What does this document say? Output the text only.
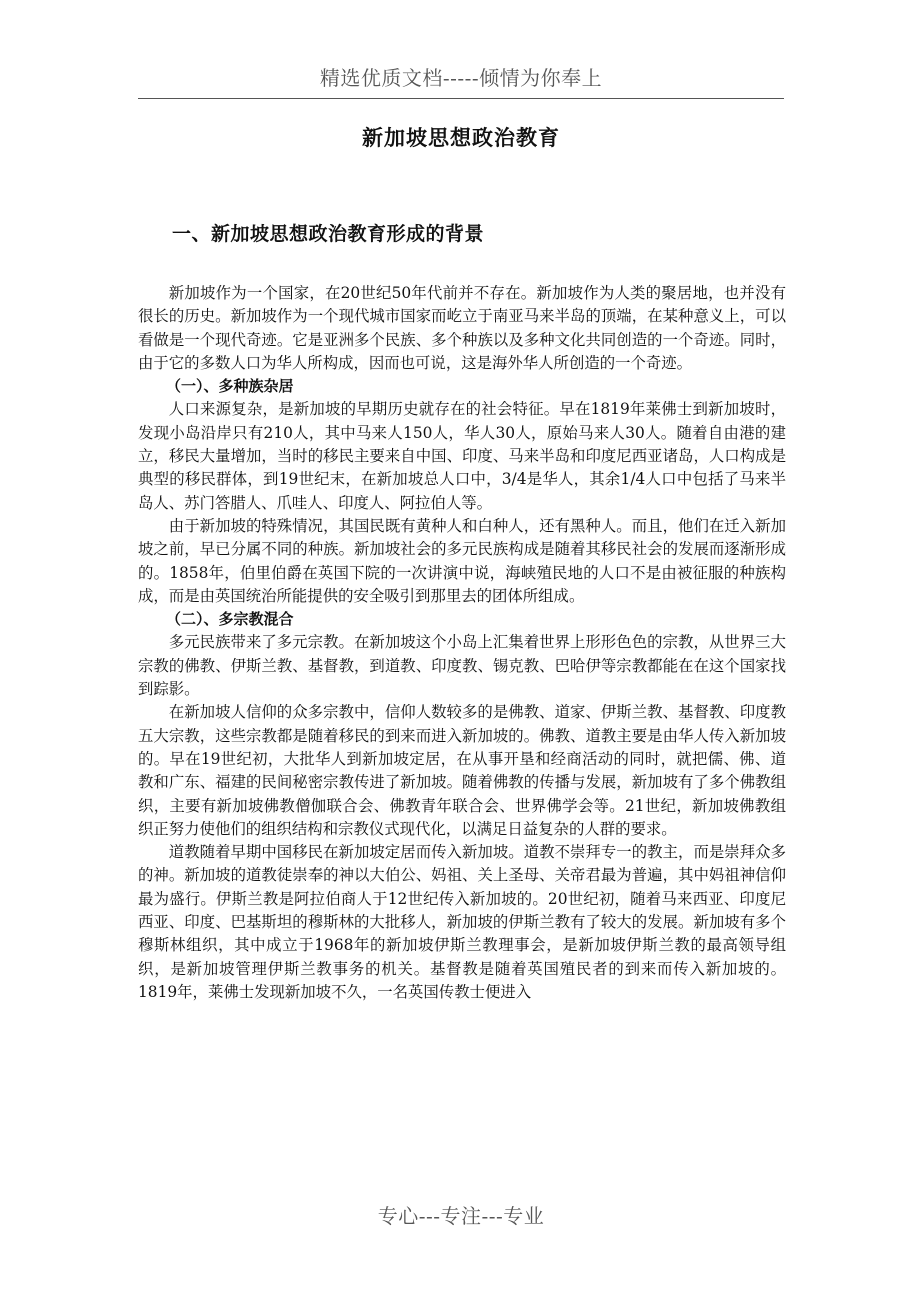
精选优质文档-----倾情为你奉上
新加坡思想政治教育
一、新加坡思想政治教育形成的背景

新加坡作为一个国家，在20世纪50年代前并不存在。新加坡作为人类的聚居地，也并没有很长的历史。新加坡作为一个现代城市国家而屹立于南亚马来半岛的顶端，在某种意义上，可以看做是一个现代奇迹。它是亚洲多个民族、多个种族以及多种文化共同创造的一个奇迹。同时，由于它的多数人口为华人所构成，因而也可说，这是海外华人所创造的一个奇迹。

（一）、多种族杂居

人口来源复杂，是新加坡的早期历史就存在的社会特征。早在1819年莱佛士到新加坡时，发现小岛沿岸只有210人，其中马来人150人，华人30人，原始马来人30人。随着自由港的建立，移民大量增加，当时的移民主要来自中国、印度、马来半岛和印度尼西亚诸岛，人口构成是典型的移民群体，到19世纪末，在新加坡总人口中，3/4是华人，其余1/4人口中包括了马来半岛人、苏门答腊人、爪哇人、印度人、阿拉伯人等。

由于新加坡的特殊情况，其国民既有黄种人和白种人，还有黑种人。而且，他们在迁入新加坡之前，早已分属不同的种族。新加坡社会的多元民族构成是随着其移民社会的发展而逐渐形成的。1858年，伯里伯爵在英国下院的一次讲演中说，海峡殖民地的人口不是由被征服的种族构成，而是由英国统治所能提供的安全吸引到那里去的团体所组成。

（二）、多宗教混合

多元民族带来了多元宗教。在新加坡这个小岛上汇集着世界上形形色色的宗教，从世界三大宗教的佛教、伊斯兰教、基督教，到道教、印度教、锡克教、巴哈伊等宗教都能在在这个国家找到踪影。

在新加坡人信仰的众多宗教中，信仰人数较多的是佛教、道家、伊斯兰教、基督教、印度教五大宗教，这些宗教都是随着移民的到来而进入新加坡的。佛教、道教主要是由华人传入新加坡的。早在19世纪初，大批华人到新加坡定居，在从事开垦和经商活动的同时，就把儒、佛、道教和广东、福建的民间秘密宗教传进了新加坡。随着佛教的传播与发展，新加坡有了多个佛教组织，主要有新加坡佛教僧伽联合会、佛教青年联合会、世界佛学会等。21世纪，新加坡佛教组织正努力使他们的组织结构和宗教仪式现代化，以满足日益复杂的人群的要求。

道教随着早期中国移民在新加坡定居而传入新加坡。道教不崇拜专一的教主，而是崇拜众多的神。新加坡的道教徒崇奉的神以大伯公、妈祖、关上圣母、关帝君最为普遍，其中妈祖神信仰最为盛行。伊斯兰教是阿拉伯商人于12世纪传入新加坡的。20世纪初，随着马来西亚、印度尼西亚、印度、巴基斯坦的穆斯林的大批移人，新加坡的伊斯兰教有了较大的发展。新加坡有多个穆斯林组织，其中成立于1968年的新加坡伊斯兰教理事会，是新加坡伊斯兰教的最高领导组织，是新加坡管理伊斯兰教事务的机关。基督教是随着英国殖民者的到来而传入新加坡的。1819年，莱佛士发现新加坡不久，一名英国传教士便进入

专心---专注---专业
